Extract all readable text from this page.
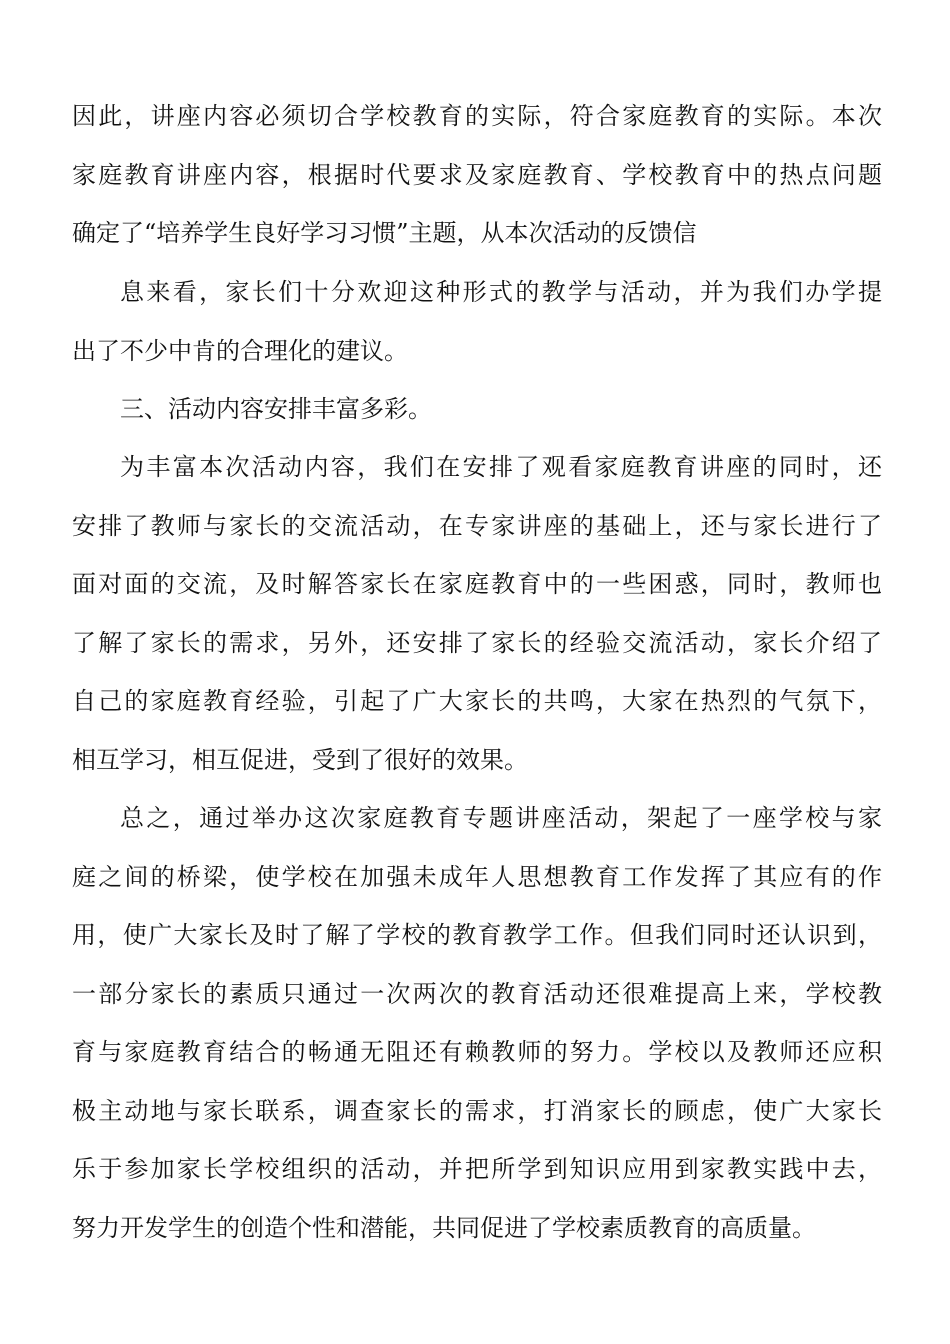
因此，讲座内容必须切合学校教育的实际，符合家庭教育的实际。本次

家庭教育讲座内容，根据时代要求及家庭教育、学校教育中的热点问题

确定了“培养学生良好学习习惯”主题，从本次活动的反馈信

息来看，家长们十分欢迎这种形式的教学与活动，并为我们办学提

出了不少中肯的合理化的建议。

三、活动内容安排丰富多彩。

为丰富本次活动内容，我们在安排了观看家庭教育讲座的同时，还

安排了教师与家长的交流活动，在专家讲座的基础上，还与家长进行了

面对面的交流，及时解答家长在家庭教育中的一些困惑，同时，教师也

了解了家长的需求，另外，还安排了家长的经验交流活动，家长介绍了

自己的家庭教育经验，引起了广大家长的共鸣，大家在热烈的气氛下，

相互学习，相互促进，受到了很好的效果。

总之，通过举办这次家庭教育专题讲座活动，架起了一座学校与家

庭之间的桥梁，使学校在加强未成年人思想教育工作发挥了其应有的作

用，使广大家长及时了解了学校的教育教学工作。但我们同时还认识到，

一部分家长的素质只通过一次两次的教育活动还很难提高上来，学校教

育与家庭教育结合的畅通无阻还有赖教师的努力。学校以及教师还应积

极主动地与家长联系，调查家长的需求，打消家长的顾虑，使广大家长

乐于参加家长学校组织的活动，并把所学到知识应用到家教实践中去，

努力开发学生的创造个性和潜能，共同促进了学校素质教育的高质量。
